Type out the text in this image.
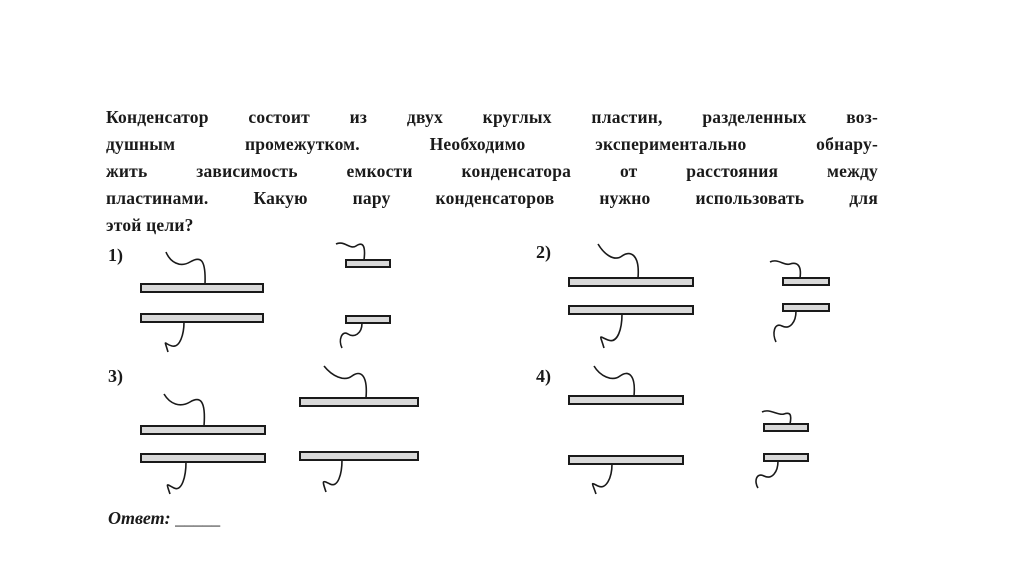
Конденсатор состоит из двух круглых пластин, разделенных воз-
душным промежутком. Необходимо экспериментально обнару-
жить зависимость емкости конденсатора от расстояния между
пластинами. Какую пару конденсаторов нужно использовать для
этой цели?
1)	2)
3)	4)
Ответ: _____
